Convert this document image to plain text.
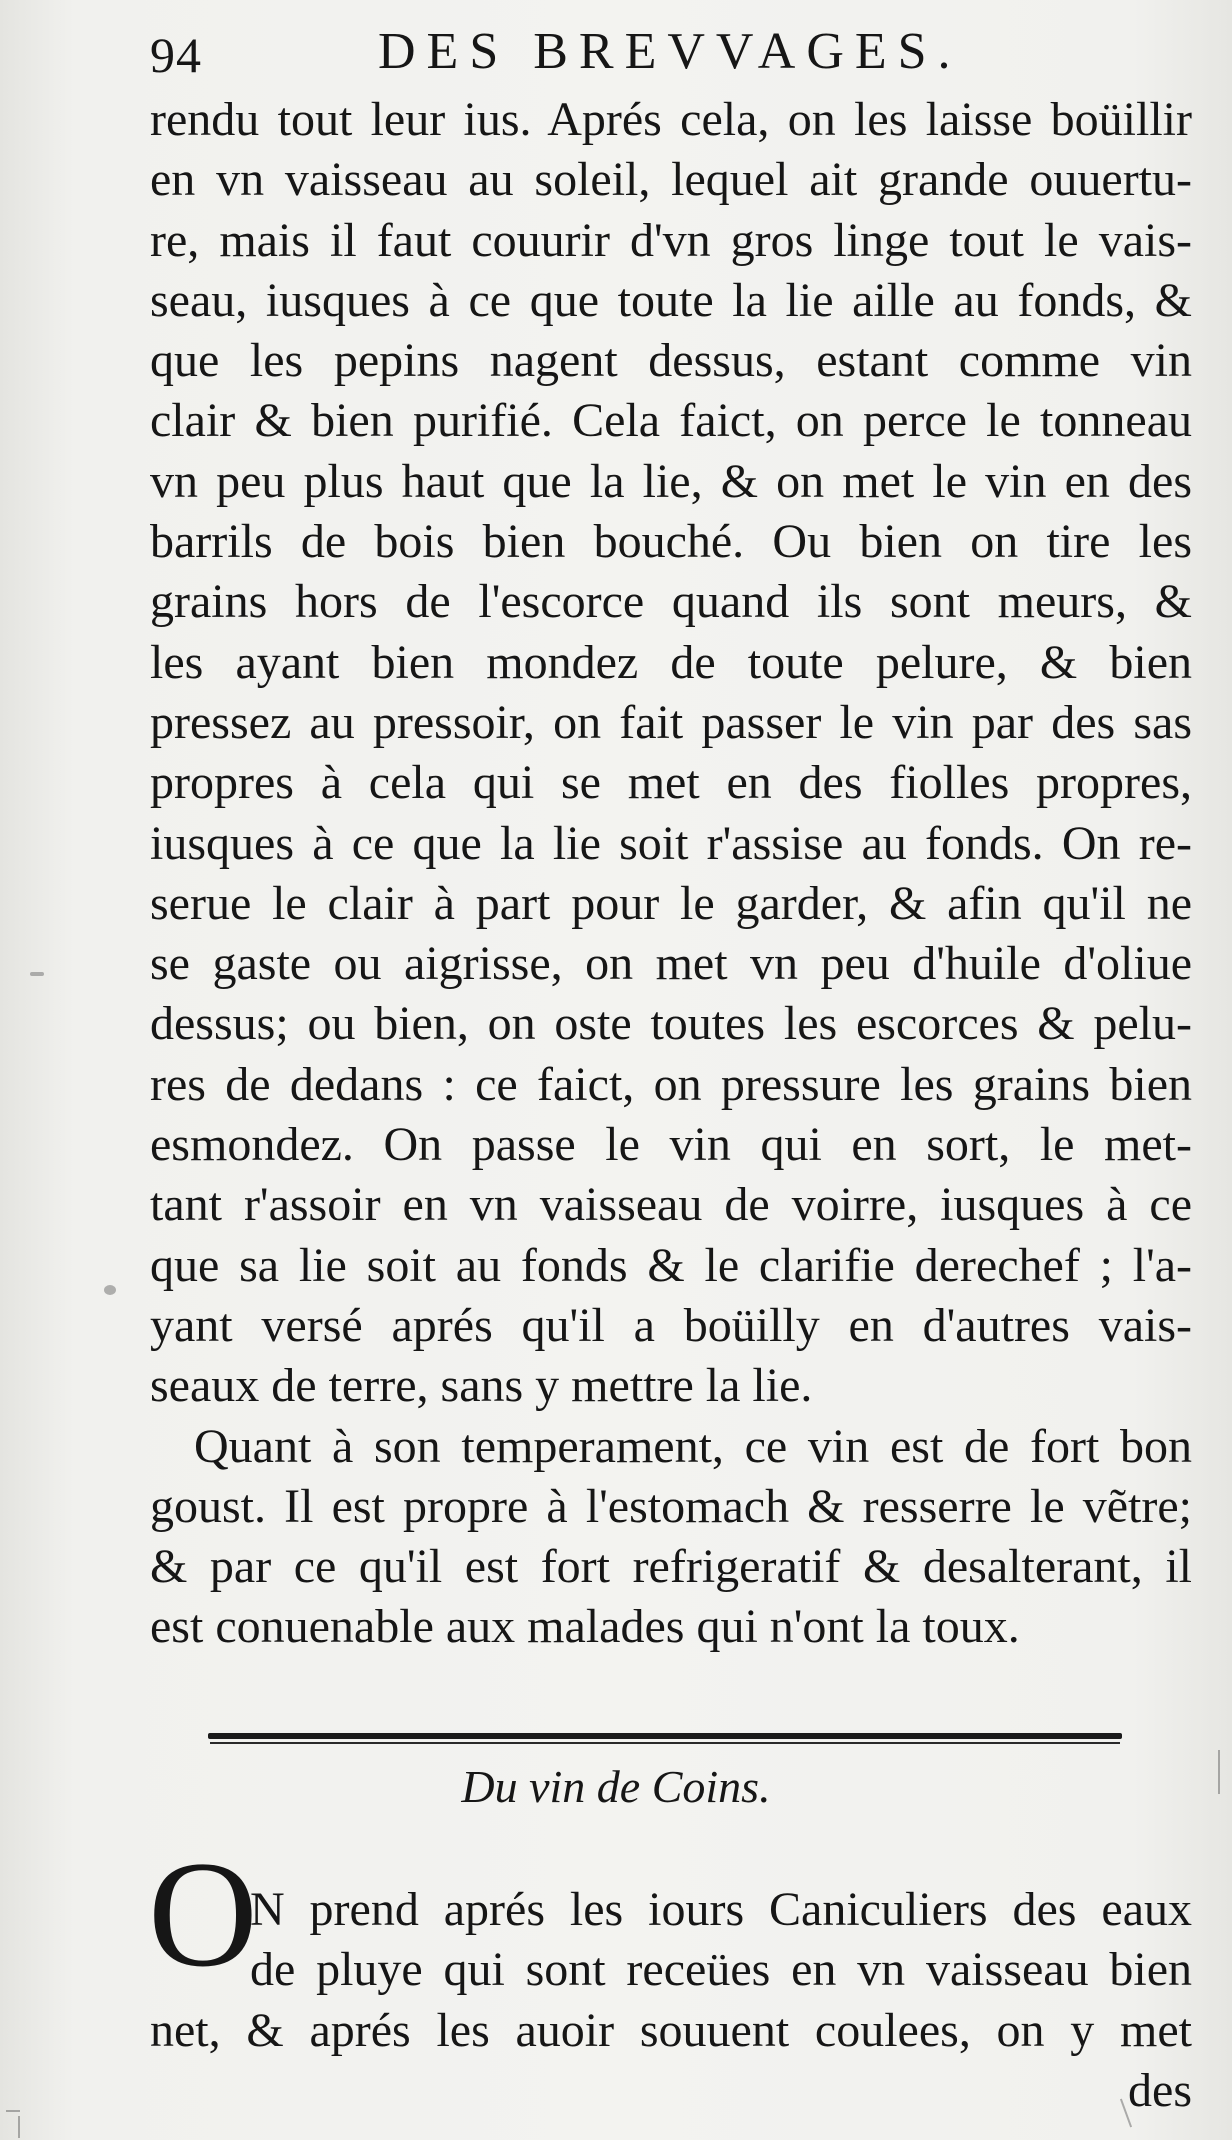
94	DES BREVVAGES.
rendu tout leur ius. Aprés cela, on les laisse boüillir
en vn vaisseau au soleil, lequel ait grande ouuertu-
re, mais il faut couurir d'vn gros linge tout le vais-
seau, iusques à ce que toute la lie aille au fonds, &
que les pepins nagent dessus, estant comme vin
clair & bien purifié. Cela faict, on perce le tonneau
vn peu plus haut que la lie, & on met le vin en des
barrils de bois bien bouché. Ou bien on tire les
grains hors de l'escorce quand ils sont meurs, &
les ayant bien mondez de toute pelure, & bien
pressez au pressoir, on fait passer le vin par des sas
propres à cela qui se met en des fiolles propres,
iusques à ce que la lie soit r'assise au fonds. On re-
serue le clair à part pour le garder, & afin qu'il ne
se gaste ou aigrisse, on met vn peu d'huile d'oliue
dessus; ou bien, on oste toutes les escorces & pelu-
res de dedans : ce faict, on pressure les grains bien
esmondez. On passe le vin qui en sort, le met-
tant r'assoir en vn vaisseau de voirre, iusques à ce
que sa lie soit au fonds & le clarifie derechef ; l'a-
yant versé aprés qu'il a boüilly en d'autres vais-
seaux de terre, sans y mettre la lie.
Quant à son temperament, ce vin est de fort bon
goust. Il est propre à l'estomach & resserre le vẽtre;
& par ce qu'il est fort refrigeratif & desalterant, il
est conuenable aux malades qui n'ont la toux.
Du vin de Coins.
O
N prend aprés les iours Caniculiers des eaux
de pluye qui sont receües en vn vaisseau bien
net, & aprés les auoir souuent coulees, on y met
des
